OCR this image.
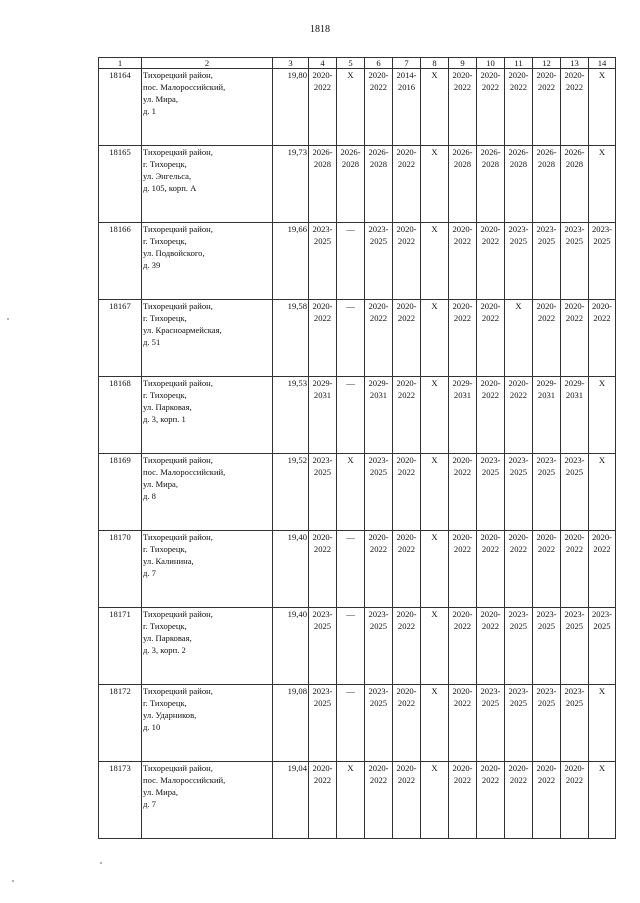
1818
1	2	3	4	5	6	7	8	9	10	11	12	13	14
18164	Тихорецкий район,
пос. Малороссийский,
ул. Мира,
д. 1	19,80	2020-
2022	X	2020-
2022	2014-
2016	X	2020-
2022	2020-
2022	2020-
2022	2020-
2022	2020-
2022	X

18165	Тихорецкий район,
г. Тихорецк,
ул. Энгельса,
д. 105, корп. А	19,73	2026-
2028	2026-
2028	2026-
2028	2020-
2022	X	2026-
2028	2026-
2028	2026-
2028	2026-
2028	2026-
2028	X

18166	Тихорецкий район,
г. Тихорецк,
ул. Подвойского,
д. 39	19,66	2023-
2025	—	2023-
2025	2020-
2022	X	2020-
2022	2020-
2022	2023-
2025	2023-
2025	2023-
2025	2023-
2025

18167	Тихорецкий район,
г. Тихорецк,
ул. Красноармейская,
д. 51	19,58	2020-
2022	—	2020-
2022	2020-
2022	X	2020-
2022	2020-
2022	X	2020-
2022	2020-
2022	2020-
2022

18168	Тихорецкий район,
г. Тихорецк,
ул. Парковая,
д. 3, корп. 1	19,53	2029-
2031	—	2029-
2031	2020-
2022	X	2029-
2031	2020-
2022	2020-
2022	2029-
2031	2029-
2031	X

18169	Тихорецкий район,
пос. Малороссийский,
ул. Мира,
д. 8	19,52	2023-
2025	X	2023-
2025	2020-
2022	X	2020-
2022	2023-
2025	2023-
2025	2023-
2025	2023-
2025	X

18170	Тихорецкий район,
г. Тихорецк,
ул. Калинина,
д. 7	19,40	2020-
2022	—	2020-
2022	2020-
2022	X	2020-
2022	2020-
2022	2020-
2022	2020-
2022	2020-
2022	2020-
2022

18171	Тихорецкий район,
г. Тихорецк,
ул. Парковая,
д. 3, корп. 2	19,40	2023-
2025	—	2023-
2025	2020-
2022	X	2020-
2022	2020-
2022	2023-
2025	2023-
2025	2023-
2025	2023-
2025

18172	Тихорецкий район,
г. Тихорецк,
ул. Ударников,
д. 10	19,08	2023-
2025	—	2023-
2025	2020-
2022	X	2020-
2022	2023-
2025	2023-
2025	2023-
2025	2023-
2025	X

18173	Тихорецкий район,
пос. Малороссийский,
ул. Мира,
д. 7	19,04	2020-
2022	X	2020-
2022	2020-
2022	X	2020-
2022	2020-
2022	2020-
2022	2020-
2022	2020-
2022	X
